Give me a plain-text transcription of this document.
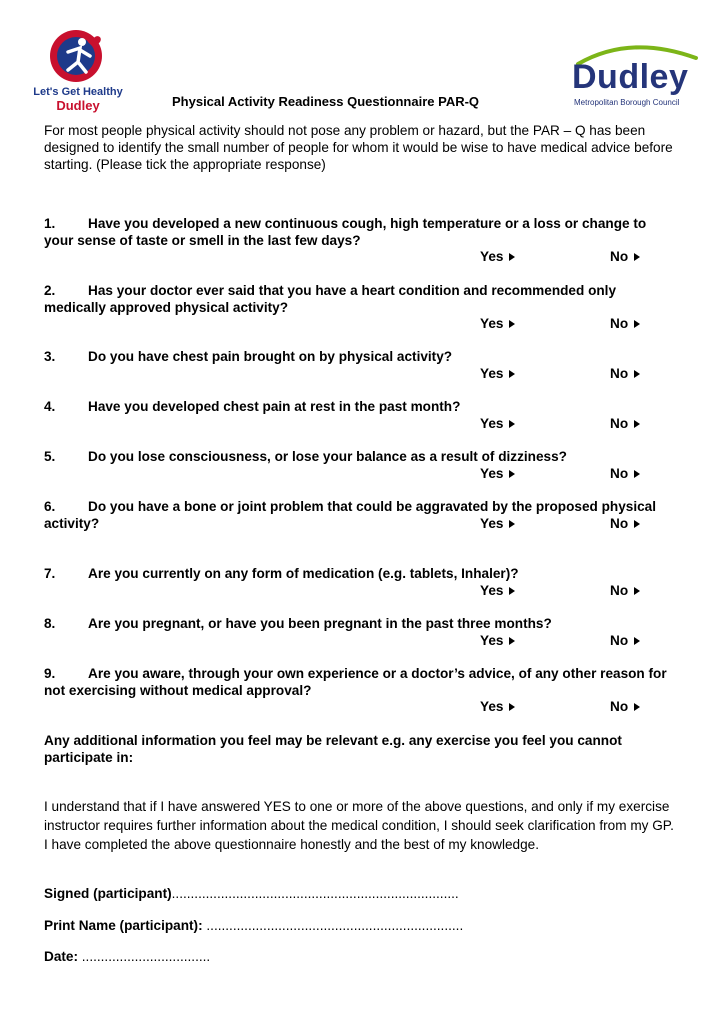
Let's Get Healthy
Dudley
Dudley
Metropolitan Borough Council
Physical Activity Readiness Questionnaire PAR-Q
For most people physical activity should not pose any problem or hazard, but the PAR – Q has been designed to identify the small number of people for whom it would be wise to have medical advice before starting. (Please tick the appropriate response)
1. Have you developed a new continuous cough, high temperature or a loss or change to your sense of taste or smell in the last few days?
Yes	No
2. Has your doctor ever said that you have a heart condition and recommended only medically approved physical activity?
Yes	No
3. Do you have chest pain brought on by physical activity?
Yes	No
4. Have you developed chest pain at rest in the past month?
Yes	No
5. Do you lose consciousness, or lose your balance as a result of dizziness?
Yes	No
6. Do you have a bone or joint problem that could be aggravated by the proposed physical activity?	Yes	No
7. Are you currently on any form of medication (e.g. tablets, Inhaler)?
Yes	No
8. Are you pregnant, or have you been pregnant in the past three months?
Yes	No
9. Are you aware, through your own experience or a doctor’s advice, of any other reason for not exercising without medical approval?
Yes	No
Any additional information you feel may be relevant e.g. any exercise you feel you cannot participate in:
I understand that if I have answered YES to one or more of the above questions, and only if my exercise instructor requires further information about the medical condition, I should seek clarification from my GP. I have completed the above questionnaire honestly and the best of my knowledge.
Signed (participant)............................................................................
Print Name (participant): ....................................................................
Date: ..................................
